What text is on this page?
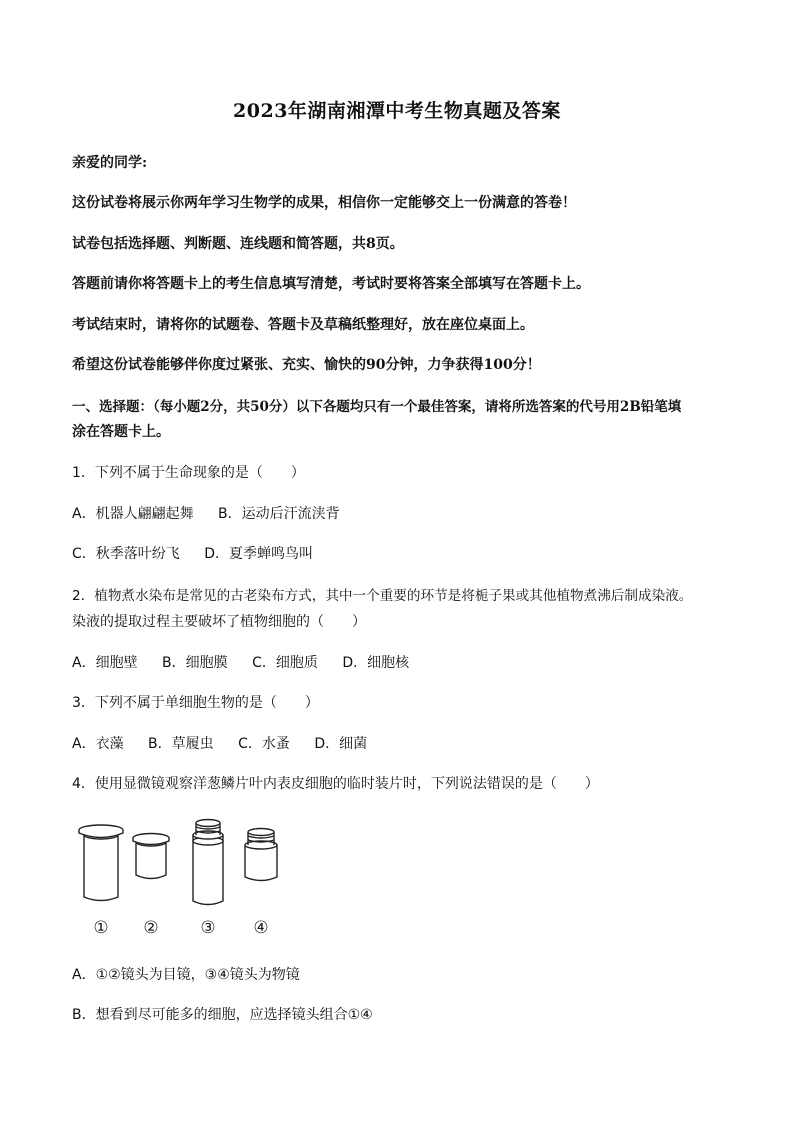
2023年湖南湘潭中考生物真题及答案
亲爱的同学:
这份试卷将展示你两年学习生物学的成果，相信你一定能够交上一份满意的答卷！
试卷包括选择题、判断题、连线题和简答题，共8页。
答题前请你将答题卡上的考生信息填写清楚，考试时要将答案全部填写在答题卡上。
考试结束时，请将你的试题卷、答题卡及草稿纸整理好，放在座位桌面上。
希望这份试卷能够伴你度过紧张、充实、愉快的90分钟，力争获得100分！
一、选择题：（每小题2分，共50分）以下各题均只有一个最佳答案，请将所选答案的代号用2B铅笔填
涂在答题卡上。
1．下列不属于生命现象的是（　　）
A．机器人翩翩起舞 B．运动后汗流浃背
C．秋季落叶纷飞 D．夏季蝉鸣鸟叫
2．植物煮水染布是常见的古老染布方式，其中一个重要的环节是将栀子果或其他植物煮沸后制成染液。
染液的提取过程主要破坏了植物细胞的（　　）
A．细胞壁 B．细胞膜 C．细胞质 D．细胞核
3．下列不属于单细胞生物的是（　　）
A．衣藻 B．草履虫 C．水蚤 D．细菌
4．使用显微镜观察洋葱鳞片叶内表皮细胞的临时装片时，下列说法错误的是（　　）
① ② ③ ④
A．①②镜头为目镜，③④镜头为物镜
B．想看到尽可能多的细胞，应选择镜头组合①④
